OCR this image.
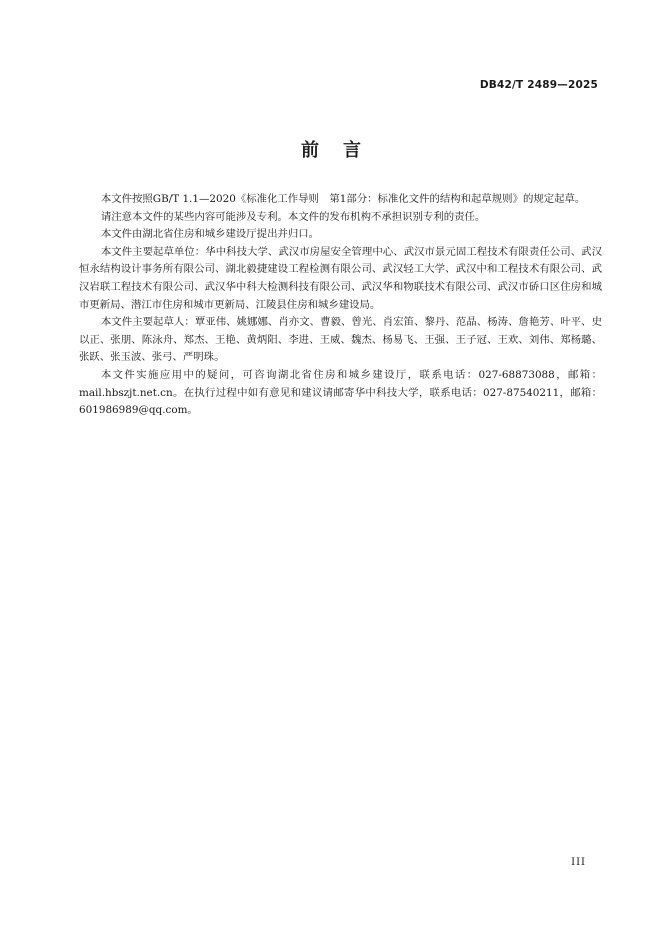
DB42/T 2489—2025
前言

本文件按照GB/T 1.1—2020《标准化工作导则　第1部分：标准化文件的结构和起草规则》的规定起草。

请注意本文件的某些内容可能涉及专利。本文件的发布机构不承担识别专利的责任。

本文件由湖北省住房和城乡建设厅提出并归口。

本文件主要起草单位：华中科技大学、武汉市房屋安全管理中心、武汉市景元固工程技术有限责任公司、武汉恒永结构设计事务所有限公司、湖北毅捷建设工程检测有限公司、武汉轻工大学、武汉中和工程技术有限公司、武汉岩联工程技术有限公司、武汉华中科大检测科技有限公司、武汉华和物联技术有限公司、武汉市硚口区住房和城市更新局、潜江市住房和城市更新局、江陵县住房和城乡建设局。

本文件主要起草人：覃亚伟、姚娜娜、肖亦文、曹毅、曾光、肖宏笛、黎丹、范晶、杨涛、詹艳芳、叶平、史以正、张朋、陈泳舟、郑杰、王艳、黄炳阳、李进、王威、魏杰、杨易飞、王强、王子冠、王欢、刘伟、郑杨璐、张跃、张玉波、张弓、严明珠。

本文件实施应用中的疑问，可咨询湖北省住房和城乡建设厅，联系电话：027-68873088，邮箱：mail.hbszjt.net.cn。在执行过程中如有意见和建议请邮寄华中科技大学，联系电话：027-87540211，邮箱：601986989@qq.com。

III
